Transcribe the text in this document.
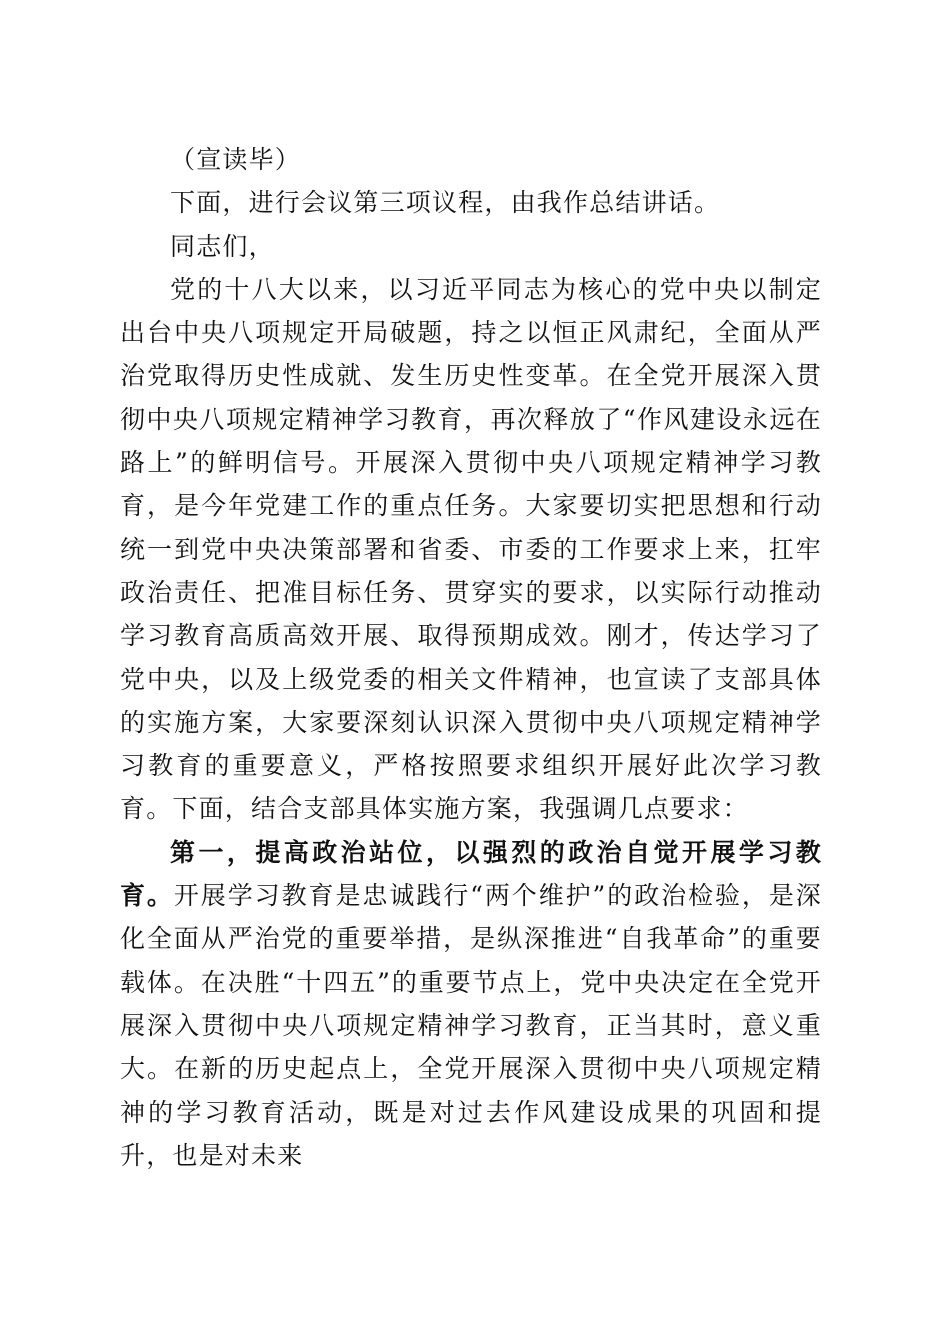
（宣读毕）

下面，进行会议第三项议程，由我作总结讲话。

同志们，

党的十八大以来，以习近平同志为核心的党中央以制定出台中央八项规定开局破题，持之以恒正风肃纪，全面从严治党取得历史性成就、发生历史性变革。在全党开展深入贯彻中央八项规定精神学习教育，再次释放了“作风建设永远在路上”的鲜明信号。开展深入贯彻中央八项规定精神学习教育，是今年党建工作的重点任务。大家要切实把思想和行动统一到党中央决策部署和省委、市委的工作要求上来，扛牢政治责任、把准目标任务、贯穿实的要求，以实际行动推动学习教育高质高效开展、取得预期成效。刚才，传达学习了党中央，以及上级党委的相关文件精神，也宣读了支部具体的实施方案，大家要深刻认识深入贯彻中央八项规定精神学习教育的重要意义，严格按照要求组织开展好此次学习教育。下面，结合支部具体实施方案，我强调几点要求：

第一，提高政治站位，以强烈的政治自觉开展学习教育。开展学习教育是忠诚践行“两个维护”的政治检验，是深化全面从严治党的重要举措，是纵深推进“自我革命”的重要载体。在决胜“十四五”的重要节点上，党中央决定在全党开展深入贯彻中央八项规定精神学习教育，正当其时，意义重大。在新的历史起点上，全党开展深入贯彻中央八项规定精神的学习教育活动，既是对过去作风建设成果的巩固和提升，也是对未来
